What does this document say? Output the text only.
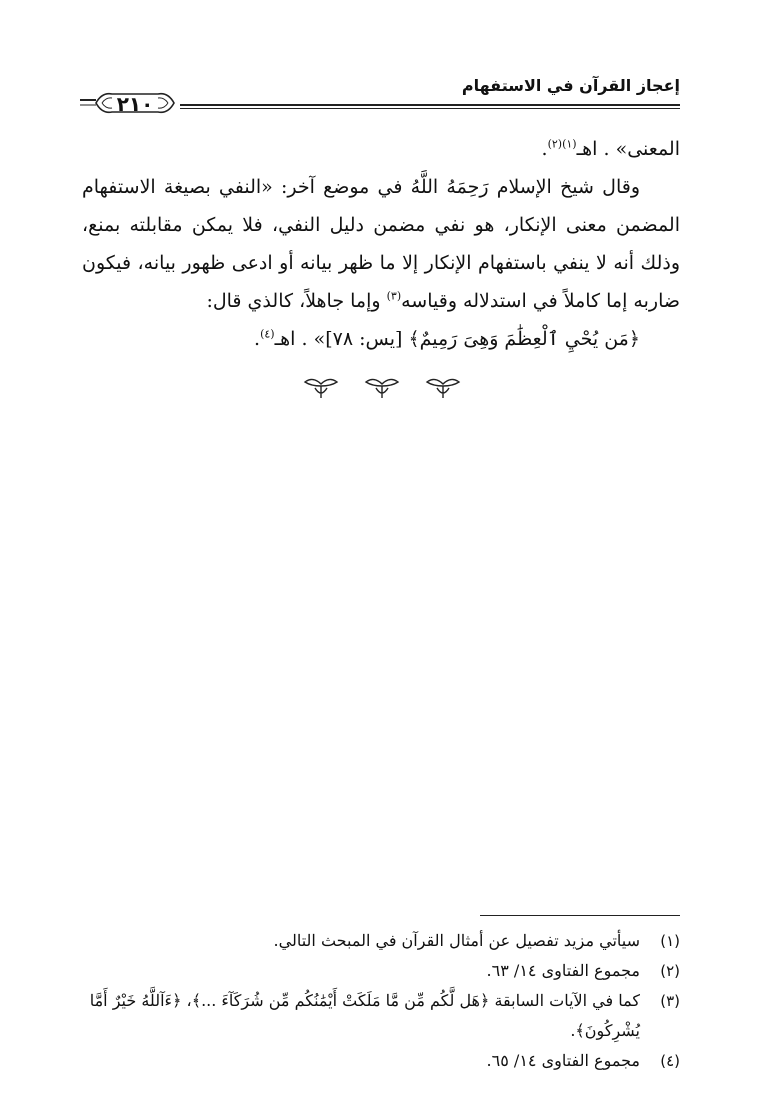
إعجاز القرآن في الاستفهام
٢١٠

المعنى» . اهـ$^{(١)(٢)}$.

وقال شيخ الإسلام رَحِمَهُ اللَّهُ في موضع آخر: «النفي بصيغة الاستفهام المضمن معنى الإنكار، هو نفي مضمن دليل النفي، فلا يمكن مقابلته بمنع، وذلك أنه لا ينفي باستفهام الإنكار إلا ما ظهر بيانه أو ادعى ظهور بيانه، فيكون ضاربه إما كاملاً في استدلاله وقياسه$^{(٣)}$ وإما جاهلاً، كالذي قال:

﴿مَن يُحْيِ ٱلْعِظَٰمَ وَهِىَ رَمِيمٌ﴾ [يس: ٧٨]» . اهـ$^{(٤)}$.

(١)
سيأتي مزيد تفصيل عن أمثال القرآن في المبحث التالي.

(٢)
مجموع الفتاوى ١٤/ ٦٣.

(٣)
كما في الآيات السابقة ﴿هَل لَّكُم مِّن مَّا مَلَكَتْ أَيْمَٰنُكُم مِّن شُرَكَآءَ ...﴾، ﴿ءَآللَّهُ خَيْرٌ أَمَّا يُشْرِكُونَ﴾.

(٤)
مجموع الفتاوى ١٤/ ٦٥.
